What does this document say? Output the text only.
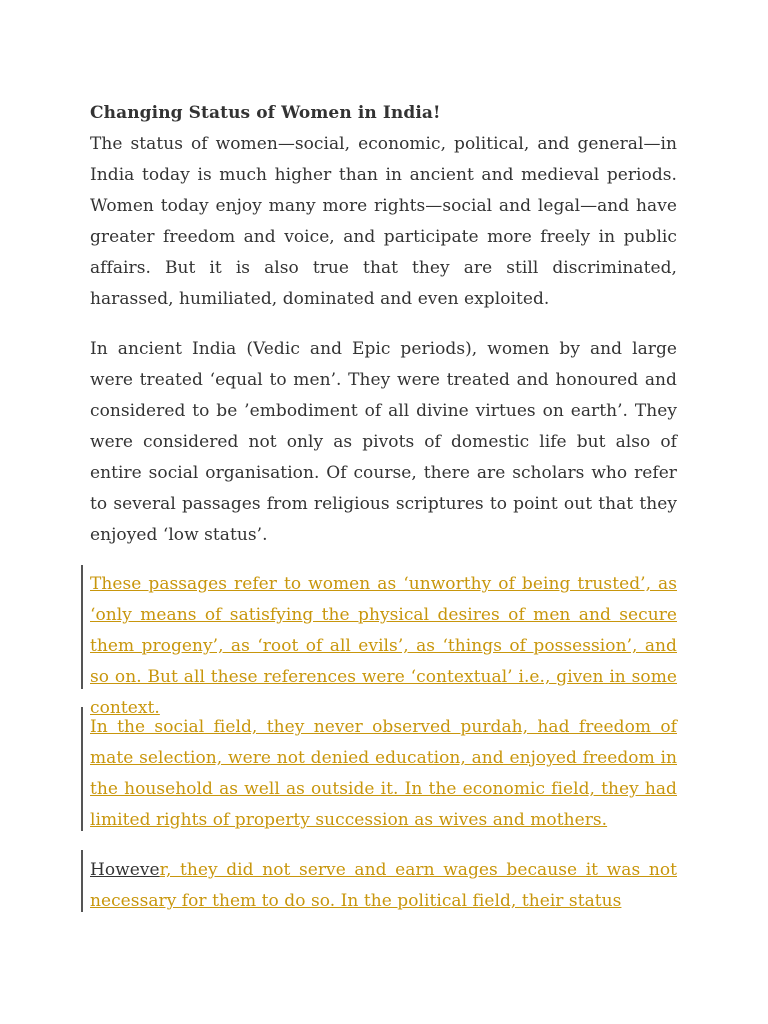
Changing Status of Women in India!

The status of women—social, economic, political, and general—in India today is much higher than in ancient and medieval periods. Women today enjoy many more rights—social and legal—and have greater freedom and voice, and participate more freely in public affairs. But it is also true that they are still discriminated, harassed, humiliated, dominated and even exploited.

In ancient India (Vedic and Epic periods), women by and large were treated ‘equal to men’. They were treated and honoured and considered to be ’embodiment of all divine virtues on earth’. They were considered not only as pivots of domestic life but also of entire social organisation. Of course, there are scholars who refer to several passages from religious scriptures to point out that they enjoyed ‘low status’.

These passages refer to women as ‘unworthy of being trusted’, as ‘only means of satisfying the physical desires of men and secure them progeny’, as ‘root of all evils’, as ‘things of possession’, and so on. But all these references were ‘contextual’ i.e., given in some context.

In the social field, they never observed purdah, had freedom of mate selection, were not denied education, and enjoyed freedom in the household as well as outside it. In the economic field, they had limited rights of property succession as wives and mothers.

However, they did not serve and earn wages because it was not necessary for them to do so. In the political field, their status
